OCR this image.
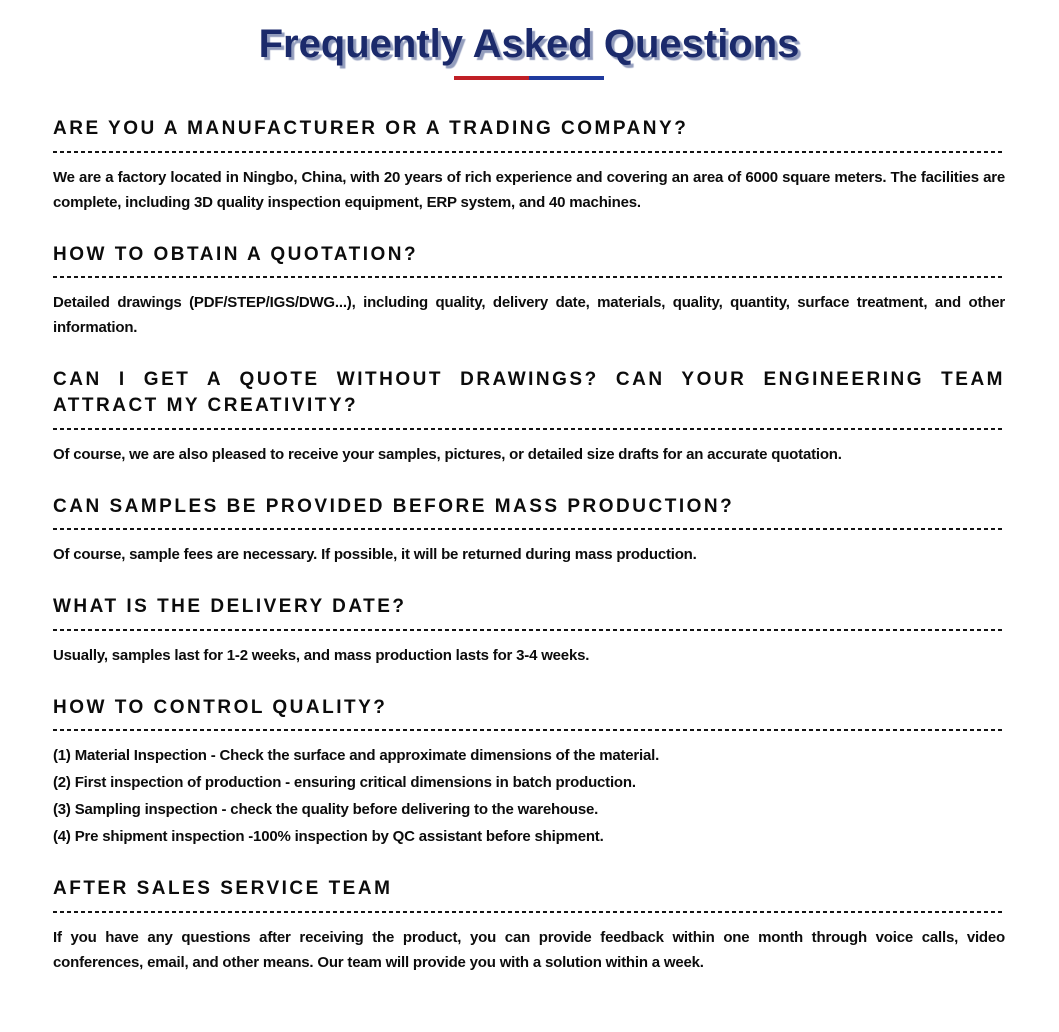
Frequently Asked Questions
ARE YOU A MANUFACTURER OR A TRADING COMPANY?

We are a factory located in Ningbo, China, with 20 years of rich experience and covering an area of 6000 square meters. The facilities are complete, including 3D quality inspection equipment, ERP system, and 40 machines.

HOW TO OBTAIN A QUOTATION?

Detailed drawings (PDF/STEP/IGS/DWG...), including quality, delivery date, materials, quality, quantity, surface treatment, and other information.

CAN I GET A QUOTE WITHOUT DRAWINGS? CAN YOUR ENGINEERING TEAM ATTRACT MY CREATIVITY?

Of course, we are also pleased to receive your samples, pictures, or detailed size drafts for an accurate quotation.

CAN SAMPLES BE PROVIDED BEFORE MASS PRODUCTION?

Of course, sample fees are necessary. If possible, it will be returned during mass production.

WHAT IS THE DELIVERY DATE?

Usually, samples last for 1-2 weeks, and mass production lasts for 3-4 weeks.

HOW TO CONTROL QUALITY?

(1) Material Inspection - Check the surface and approximate dimensions of the material.

(2) First inspection of production - ensuring critical dimensions in batch production.

(3) Sampling inspection - check the quality before delivering to the warehouse.

(4) Pre shipment inspection -100% inspection by QC assistant before shipment.

AFTER SALES SERVICE TEAM

If you have any questions after receiving the product, you can provide feedback within one month through voice calls, video conferences, email, and other means. Our team will provide you with a solution within a week.
